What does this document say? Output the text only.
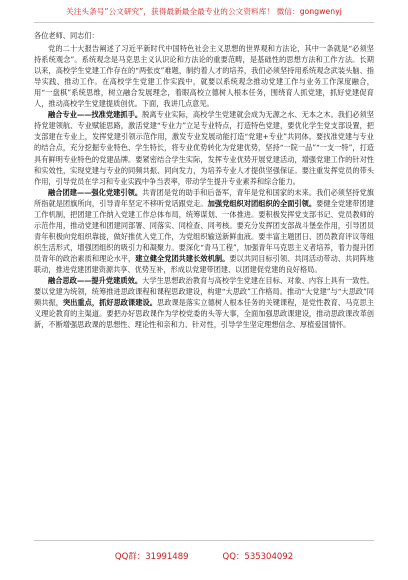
关注头条号“公文研究”，获得最新最全最专业的公文资料库！ 微信：gongwenyj

各位老师、同志们：

党的二十大报告阐述了习近平新时代中国特色社会主义思想的世界观和方法论，其中一条就是“必须坚持系统观念”。系统观念是马克思主义认识论和方法论的重要范畴，是基础性的思想方法和工作方法。长期以来，高校学生党建工作存在的“两张皮”难题，制约着人才的培养，我们必须坚持用系统观念武装头脑、指导实践、推动工作。在高校学生党建工作实践中，就要以系统观念推动党建工作与业务工作深度融合，用“一盘棋”系统思维，树立融合发展理念，着眼高校立德树人根本任务，围绕育人抓党建，抓好党建促育人，推动高校学生党建提质创优。下面，我讲几点意见。

融合专业——找准党建抓手。脱离专业实际，高校学生党建就会成为无源之水、无本之木。我们必须坚持党建领航、专业赋能思路，激活党建“专业力”立足专业特点，打造特色党建，要优化学生党支部设置，把支部建在专业上，发挥党建引领示范作用，激发专业发展动能打造“党建+专业”共同体。要找准党建与专业的结合点，充分挖掘专业特色、学生特长，将专业优势转化为党建优势，坚持“一院一品”“一支一特”，打造具有鲜明专业特色的党建品牌。要紧密结合学生实际，发挥专业优势开展党建活动，增强党建工作的针对性和实效性，实现党建与专业的同频共振、同向发力，为培养专业人才提供坚强保证。要注重发挥党员的带头作用，引导党员在学习和专业实践中争当表率，带动学生提升专业素养和综合能力。

融合团建——强化党建引领。共青团是党的助手和后备军，青年是党和国家的未来。我们必须坚持党旗所指就是团旗所向，引导青年坚定不移听党话跟党走。加强党组织对团组织的全面引领。要健全党建带团建工作机制，把团建工作纳入党建工作总体布局，统筹谋划、一体推进。要积极发挥党支部书记、党员教师的示范作用，推动党建和团建同部署、同落实、同检查、同考核。要充分发挥团支部战斗堡垒作用，引导团员青年积极向党组织靠拢，做好推优入党工作，为党组织输送新鲜血液。要丰富主题团日、团员教育评议等组织生活形式，增强团组织的吸引力和凝聚力。要深化“青马工程”，加强青年马克思主义者培养，着力提升团员青年的政治素质和理论水平，建立健全党团共建长效机制。要以共同目标引领、共同活动带动、共同阵地联动，推进党建团建资源共享、优势互补，形成以党建带团建、以团建促党建的良好格局。

融合思政——提升党建质效。大学生思想政治教育与高校学生党建在目标、对象、内容上具有一致性。要以党建为统领，统筹推进思政课程和课程思政建设，构建“大思政”工作格局。推动“大党建”与“大思政”同频共振，突出重点，抓好思政课建设。思政课是落实立德树人根本任务的关键课程，是党性教育、马克思主义理论教育的主渠道。要把办好思政课作为学校党委的头等大事，全面加强思政课建设，推动思政课改革创新，不断增强思政课的思想性、理论性和亲和力、针对性，引导学生坚定理想信念、厚植爱国情怀。

QQ群：31991489	QQ：535304092
